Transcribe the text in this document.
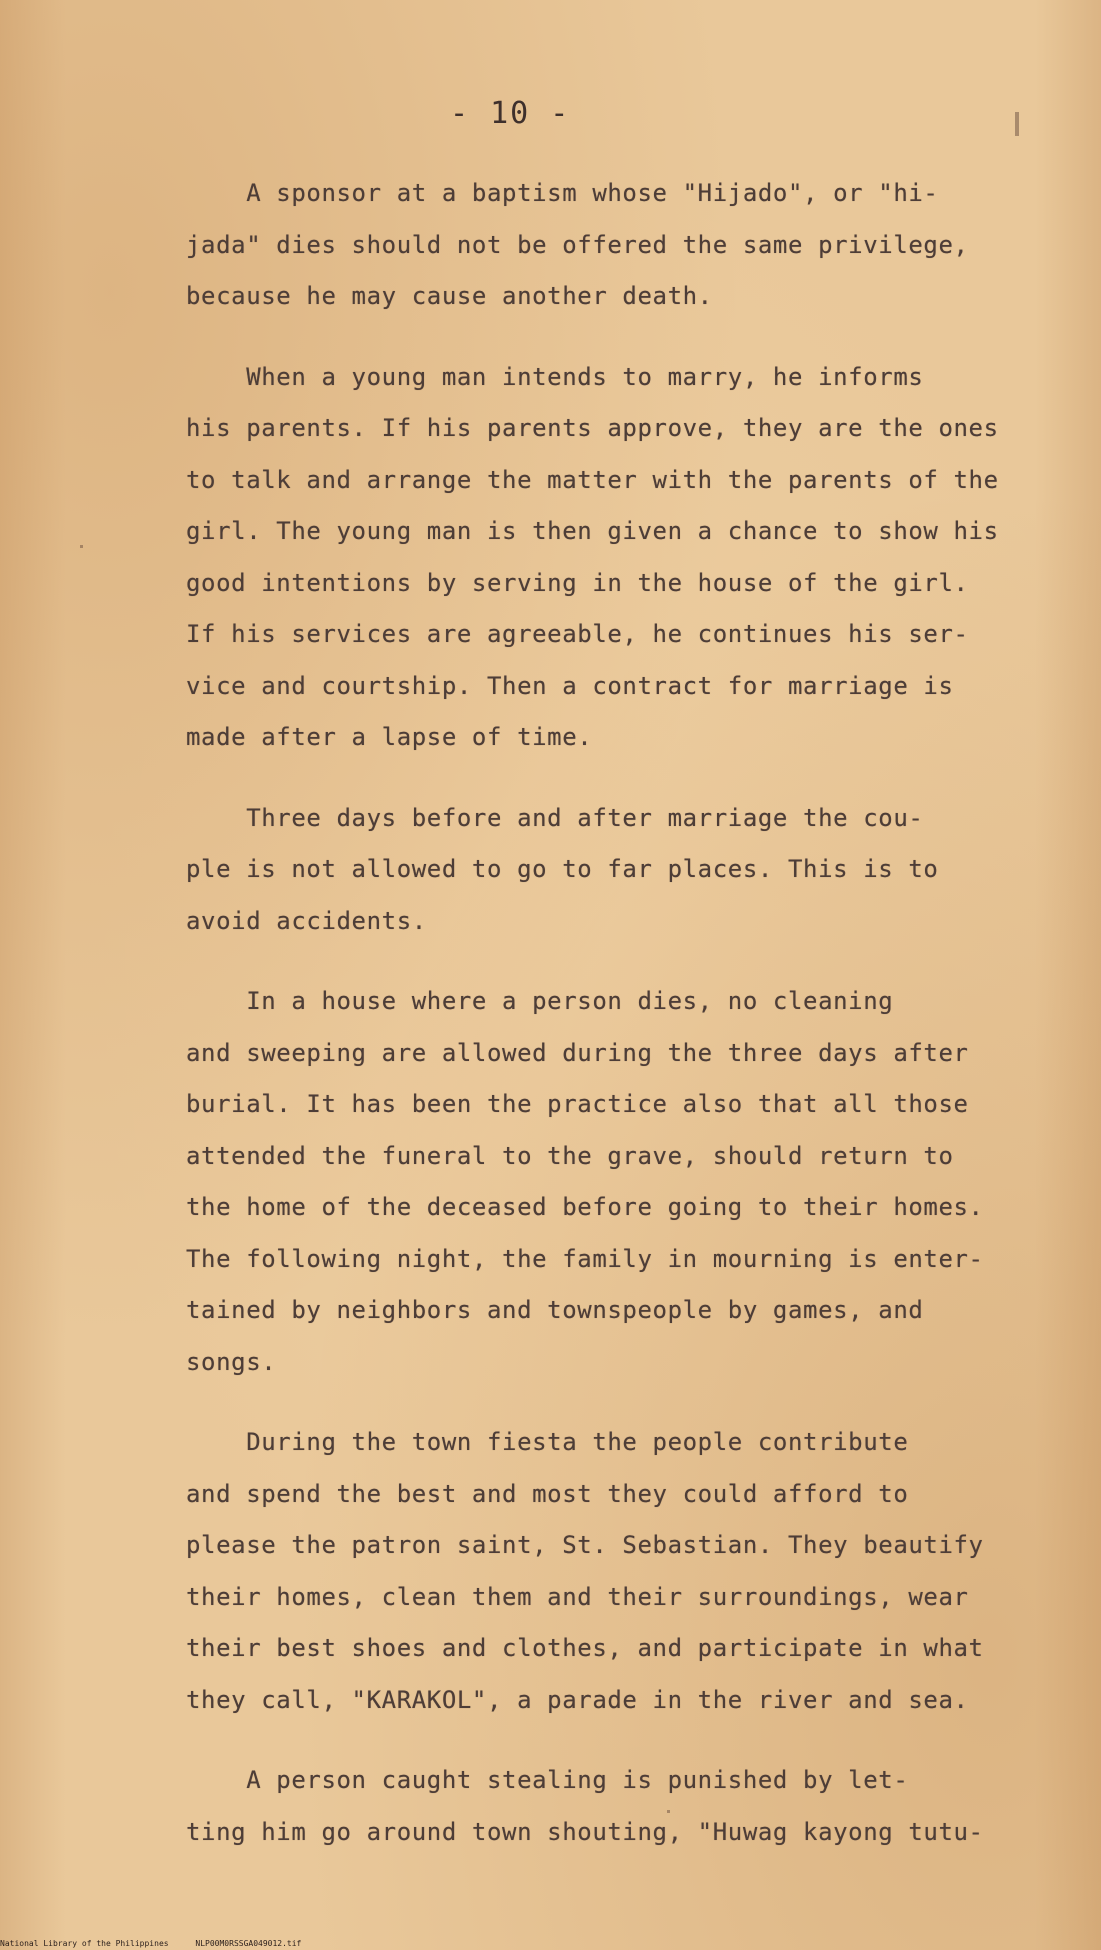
- 10 -

A sponsor at a baptism whose "Hijado", or "hi-
jada" dies should not be offered the same privilege,
because he may cause another death.

When a young man intends to marry, he informs
his parents. If his parents approve, they are the ones
to talk and arrange the matter with the parents of the
girl. The young man is then given a chance to show his
good intentions by serving in the house of the girl.
If his services are agreeable, he continues his ser-
vice and courtship. Then a contract for marriage is
made after a lapse of time.

Three days before and after marriage the cou-
ple is not allowed to go to far places. This is to
avoid accidents.

In a house where a person dies, no cleaning
and sweeping are allowed during the three days after
burial. It has been the practice also that all those
attended the funeral to the grave, should return to
the home of the deceased before going to their homes.
The following night, the family in mourning is enter-
tained by neighbors and townspeople by games, and
songs.

During the town fiesta the people contribute
and spend the best and most they could afford to
please the patron saint, St. Sebastian. They beautify
their homes, clean them and their surroundings, wear
their best shoes and clothes, and participate in what
they call, "KARAKOL", a parade in the river and sea.

A person caught stealing is punished by let-
ting him go around town shouting, "Huwag kayong tutu-

National Library of the Philippines	NLP00M0RSSGA049012.tif
